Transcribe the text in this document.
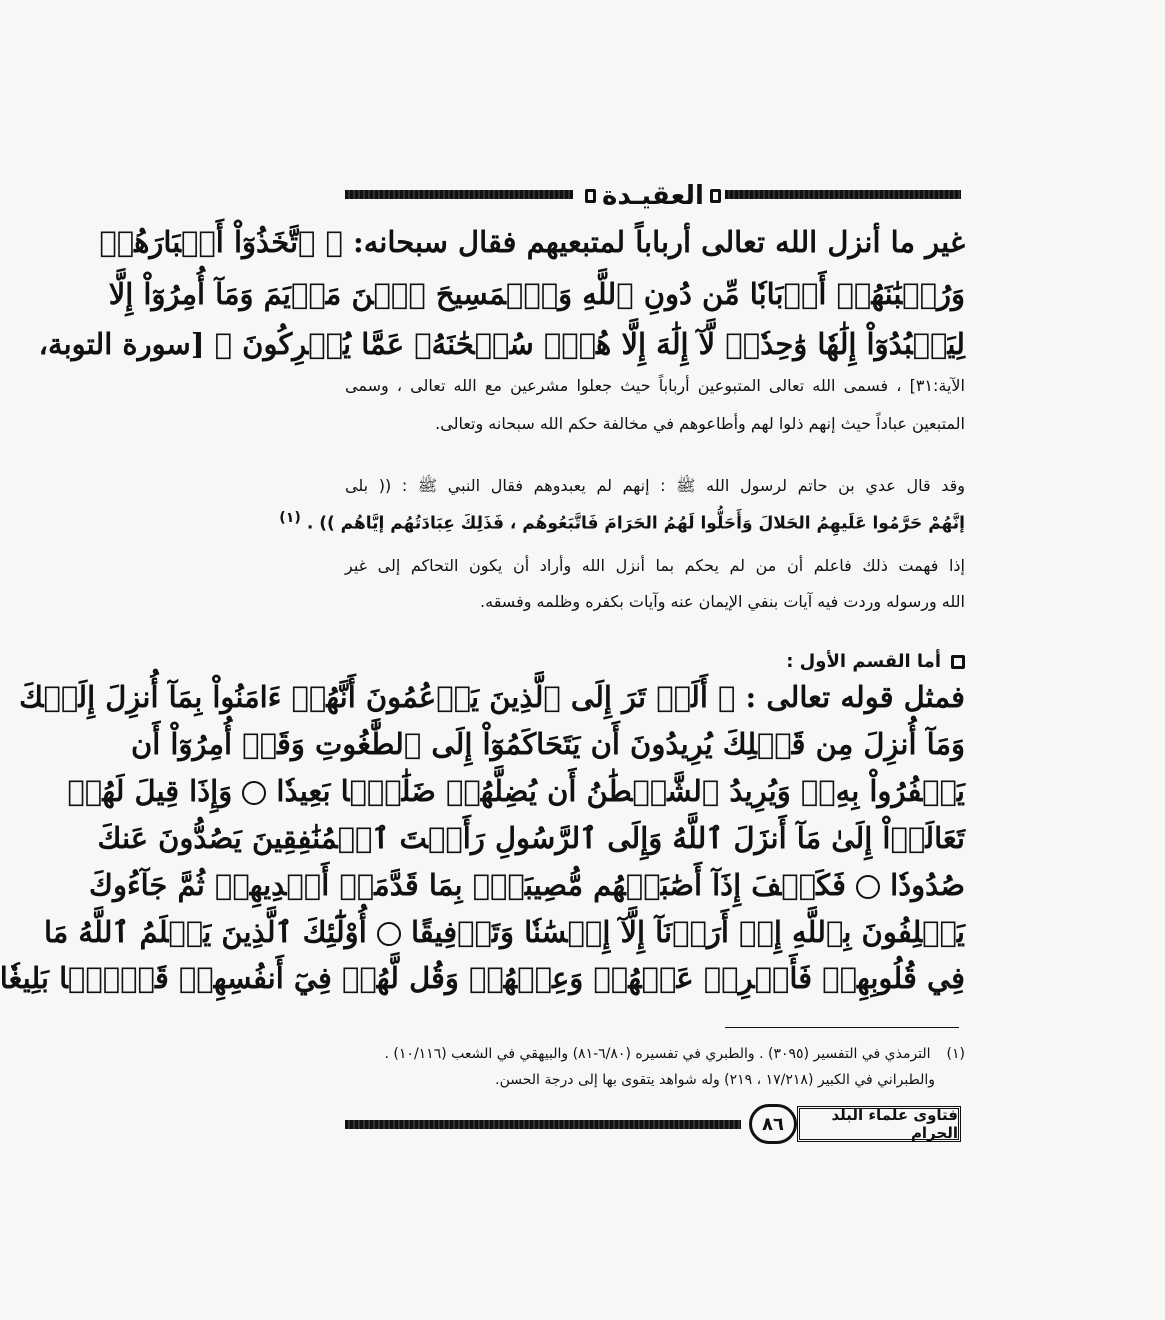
العقيـدة
غير ما أنزل الله تعالى أرباباً لمتبعيهم فقال سبحانه: ﴿ ٱتَّخَذُوٓاْ أَحۡبَارَهُمۡ
وَرُهۡبَٰنَهُمۡ أَرۡبَابٗا مِّن دُونِ ٱللَّهِ وَٱلۡمَسِيحَ ٱبۡنَ مَرۡيَمَ وَمَآ أُمِرُوٓاْ إِلَّا
لِيَعۡبُدُوٓاْ إِلَٰهٗا وَٰحِدٗاۖ لَّآ إِلَٰهَ إِلَّا هُوَۚ سُبۡحَٰنَهُۥ عَمَّا يُشۡرِكُونَ ﴾ [سورة التوبة،
الآية:٣١] ، فسمى الله تعالى المتبوعين أرباباً حيث جعلوا مشرعين مع الله تعالى ، وسمى
المتبعين عباداً حيث إنهم ذلوا لهم وأطاعوهم في مخالفة حكم الله سبحانه وتعالى.
وقد قال عدي بن حاتم لرسول الله ﷺ : إنهم لم يعبدوهم فقال النبي ﷺ : (( بلى
إنَّهُمْ حَرَّمُوا عَلَيهِمُ الحَلالَ وَأَحَلُّوا لَهُمُ الحَرَامَ فَاتَّبَعُوهُم ، فَذَلِكَ عِبَادَتُهُم إيَّاهُم )) . $^{(١)}$
إذا فهمت ذلك فاعلم أن من لم يحكم بما أنزل الله وأراد أن يكون التحاكم إلى غير
الله ورسوله وردت فيه آيات بنفي الإيمان عنه وآيات بكفره وظلمه وفسقه.
أما القسم الأول :
فمثل قوله تعالى : ﴿ أَلَمۡ تَرَ إِلَى ٱلَّذِينَ يَزۡعُمُونَ أَنَّهُمۡ ءَامَنُواْ بِمَآ أُنزِلَ إِلَيۡكَ
وَمَآ أُنزِلَ مِن قَبۡلِكَ يُرِيدُونَ أَن يَتَحَاكَمُوٓاْ إِلَى ٱلطَّٰغُوتِ وَقَدۡ أُمِرُوٓاْ أَن
يَكۡفُرُواْ بِهِۦۖ وَيُرِيدُ ٱلشَّيۡطَٰنُ أَن يُضِلَّهُمۡ ضَلَٰلَۢا بَعِيدٗا  وَإِذَا قِيلَ لَهُمۡ
تَعَالَوۡاْ إِلَىٰ مَآ أَنزَلَ ٱللَّهُ وَإِلَى ٱلرَّسُولِ رَأَيۡتَ ٱلۡمُنَٰفِقِينَ يَصُدُّونَ عَنكَ
صُدُودٗا  فَكَيۡفَ إِذَآ أَصَٰبَتۡهُم مُّصِيبَةُۢ بِمَا قَدَّمَتۡ أَيۡدِيهِمۡ ثُمَّ جَآءُوكَ
يَحۡلِفُونَ بِٱللَّهِ إِنۡ أَرَدۡنَآ إِلَّآ إِحۡسَٰنٗا وَتَوۡفِيقًا  أُوْلَٰٓئِكَ ٱلَّذِينَ يَعۡلَمُ ٱللَّهُ مَا
فِي قُلُوبِهِمۡ فَأَعۡرِضۡ عَنۡهُمۡ وَعِظۡهُمۡ وَقُل لَّهُمۡ فِيٓ أَنفُسِهِمۡ قَوۡلَۢا بَلِيغٗا
(١) الترمذي في التفسير (٣٠٩٥) . والطبري في تفسيره (٦/٨٠-٨١) والبيهقي في الشعب (١٠/١١٦) .
والطبراني في الكبير (١٧/٢١٨ ، ٢١٩) وله شواهد يتقوى بها إلى درجة الحسن.
٨٦	فتاوى علماء البلد الحرام
